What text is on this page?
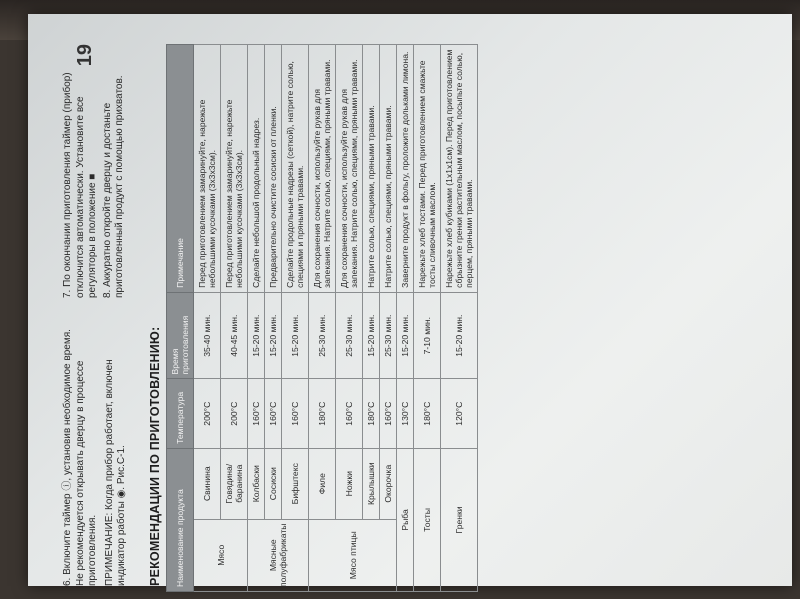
6. Включите таймер ⓘ, установив необходимое время. Не рекомендуется открывать дверцу в процессе приготовления. ПРИМЕЧАНИЕ: Когда прибор работает, включен индикатор работы ◉. Рис.С-1.

7. По окончании приготовления таймер (прибор) отключится автоматически. Установите все регуляторы в положение ■ 8. Аккуратно откройте дверцу и достаньте приготовленный продукт с помощью прихватов.

19
РЕКОМЕНДАЦИИ ПО ПРИГОТОВЛЕНИЮ: Наименование продукта		Температура	Время приготовления	Примечание
Мясо	Свинина	200°С	35-40 мин.	Перед приготовлением замаринуйте, нарежьте небольшими кусочками (3х3х3см).
	Говядина/баранина	200°С	40-45 мин.	Перед приготовлением замаринуйте, нарежьте небольшими кусочками (3х3х3см).
Мясные полуфабрикаты	Колбаски	160°С	15-20 мин.	Сделайте небольшой продольный надрез.
	Сосиски	160°С	15-20 мин.	Предварительно очистите сосиски от пленки.
	Бифштекс	160°С	15-20 мин.	Сделайте продольные надрезы (сеткой), натрите солью, специями и пряными травами.
Мясо птицы	Филе	180°С	25-30 мин.	Для сохранения сочности, используйте рукав для запекания. Натрите солью, специями, пряными травами.
	Ножки	160°С	25-30 мин.	Для сохранения сочности, используйте рукав для запекания. Натрите солью, специями, пряными травами.
	Крылышки	180°С	15-20 мин.	Натрите солью, специями, пряными травами.
	Окорочка	160°С	25-30 мин.	Натрите солью, специями, пряными травами.
Рыба		130°С	15-20 мин.	Заверните продукт в фольгу, проложите дольками лимона.
Тосты		180°С	7-10 мин.	Нарежьте хлеб тостами. Перед приготовлением смажьте тосты сливочным маслом.
Гренки		120°С	15-20 мин.	Нарежьте хлеб кубиками (1х1х1см). Перед приготовлением сбрызните гренки растительным маслом, посыпьте солью, перцем, пряными травами.
